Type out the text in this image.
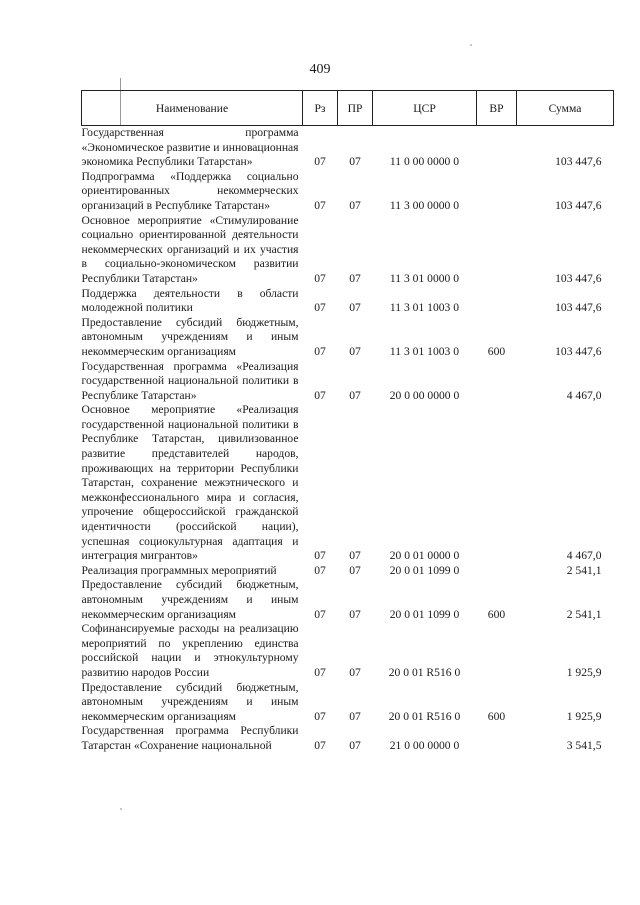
409
Наименование	Рз	ПР	ЦСР	ВР	Сумма
Государственная программа «Экономическое развитие и инновационная экономика Республики Татарстан»	07	07	11 0 00 0000 0		103 447,6
Подпрограмма «Поддержка социально ориентированных некоммерческих организаций в Республике Татарстан»	07	07	11 3 00 0000 0		103 447,6
Основное мероприятие «Стимулирование социально ориентированной деятельности некоммерческих организаций и их участия в социально-экономическом развитии Республики Татарстан»	07	07	11 3 01 0000 0		103 447,6
Поддержка деятельности в области молодежной политики	07	07	11 3 01 1003 0		103 447,6
Предоставление субсидий бюджетным, автономным учреждениям и иным некоммерческим организациям	07	07	11 3 01 1003 0	600	103 447,6
Государственная программа «Реализация государственной национальной политики в Республике Татарстан»	07	07	20 0 00 0000 0		4 467,0
Основное мероприятие «Реализация государственной национальной политики в Республике Татарстан, цивилизованное развитие представителей народов, проживающих на территории Республики Татарстан, сохранение межэтнического и межконфессионального мира и согласия, упрочение общероссийской гражданской идентичности (российской нации), успешная социокультурная адаптация и интеграция мигрантов»	07	07	20 0 01 0000 0		4 467,0
Реализация программных мероприятий	07	07	20 0 01 1099 0		2 541,1
Предоставление субсидий бюджетным, автономным учреждениям и иным некоммерческим организациям	07	07	20 0 01 1099 0	600	2 541,1
Софинансируемые расходы на реализацию мероприятий по укреплению единства российской нации и этнокультурному развитию народов России	07	07	20 0 01 R516 0		1 925,9
Предоставление субсидий бюджетным, автономным учреждениям и иным некоммерческим организациям	07	07	20 0 01 R516 0	600	1 925,9
Государственная программа Республики Татарстан «Сохранение национальной	07	07	21 0 00 0000 0		3 541,5
